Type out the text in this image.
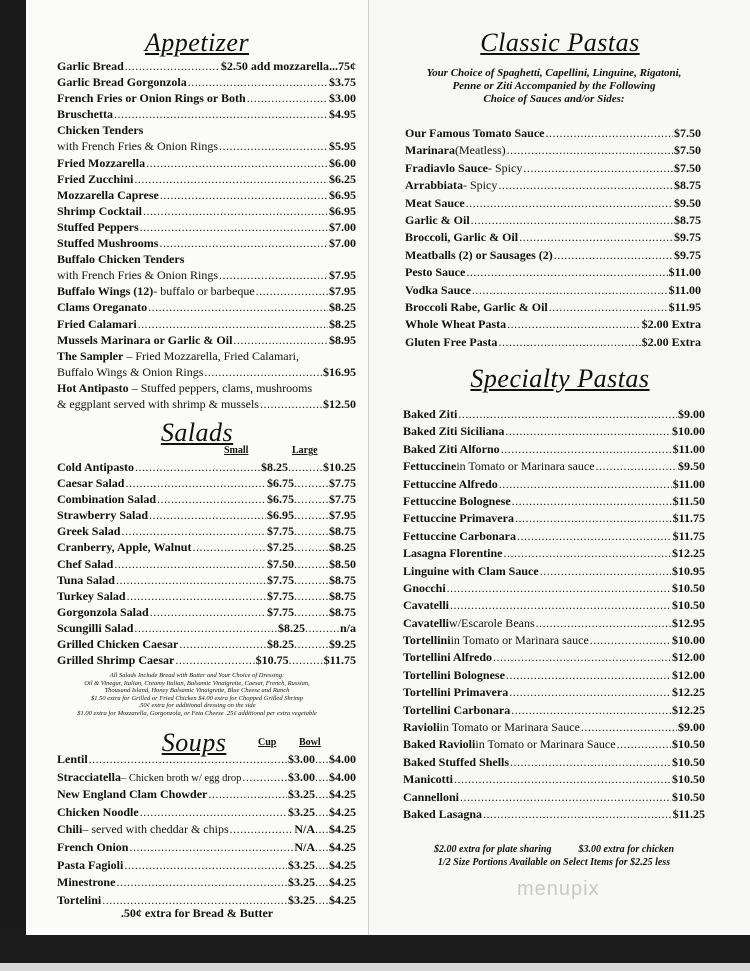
Appetizer
Garlic Bread .....	$2.50 add mozzarella...75¢
Garlic Bread Gorgonzola .....	$3.75
French Fries or Onion Rings or Both .....	$3.00
Bruschetta .....	$4.95
Chicken Tenders
with French Fries & Onion Rings .....	$5.95
Fried Mozzarella .....	$6.00
Fried Zucchini .....	$6.25
Mozzarella Caprese .....	$6.95
Shrimp Cocktail .....	$6.95
Stuffed Peppers .....	$7.00
Stuffed Mushrooms .....	$7.00
Buffalo Chicken Tenders
with French Fries & Onion Rings .....	$7.95
Buffalo Wings (12) - buffalo or barbeque .....	$7.95
Clams Oreganato .....	$8.25
Fried Calamari .....	$8.25
Mussels Marinara or Garlic & Oil .....	$8.95
The Sampler – Fried Mozzarella, Fried Calamari,
Buffalo Wings & Onion Rings .....	$16.95
Hot Antipasto – Stuffed peppers, clams, mushrooms
& eggplant served with shrimp & mussels .....	$12.50
Salads
Small	Large
Cold Antipasto .....	$8.25 .......... $10.25
Caesar Salad .....	$6.75 .......... $7.75
Combination Salad .....	$6.75 .......... $7.75
Strawberry Salad .....	$6.95 .......... $7.95
Greek Salad .....	$7.75 .......... $8.75
Cranberry, Apple, Walnut .....	$7.25 .......... $8.25
Chef Salad .....	$7.50 .......... $8.50
Tuna Salad .....	$7.75 .......... $8.75
Turkey Salad .....	$7.75 .......... $8.75
Gorgonzola Salad .....	$7.75 .......... $8.75
Scungilli Salad .....	$8.25 .......... n/a
Grilled Chicken Caesar .....	$8.25 .......... $9.25
Grilled Shrimp Caesar .....	$10.75 .......... $11.75
All Salads Include Bread with Butter and Your Choice of Dressing:
Oil & Vinegar, Italian, Creamy Italian, Balsamic Vinaigrette, Caesar, French, Russian,
Thousand Island, Honey Balsamic Vinaigrette, Blue Cheese and Ranch
$1.50 extra for Grilled or Fried Chicken $4.00 extra for Chopped Grilled Shrimp
.50¢ extra for additional dressing on the side
$1.00 extra for Mozzarella, Gorgonzola, or Feta Cheese .25¢ additional per extra vegetable
Soups	Cup Bowl
Lentil .....	$3.00 .... $4.00
Stracciatella – Chicken broth w/ egg drop .....	$3.00 .... $4.00
New England Clam Chowder .....	$3.25 .... $4.25
Chicken Noodle .....	$3.25 .... $4.25
Chili – served with cheddar & chips .....	N/A .... $4.25
French Onion .....	N/A .... $4.25
Pasta Fagioli .....	$3.25 .... $4.25
Minestrone .....	$3.25 .... $4.25
Tortelini .....	$3.25 .... $4.25
.50¢ extra for Bread & Butter
Classic Pastas
Your Choice of Spaghetti, Capellini, Linguine, Rigatoni,
Penne or Ziti Accompanied by the Following
Choice of Sauces and/or Sides:
Our Famous Tomato Sauce .....	$7.50
Marinara (Meatless) .....	$7.50
Fradiavlo Sauce - Spicy .....	$7.50
Arrabbiata - Spicy .....	$8.75
Meat Sauce .....	$9.50
Garlic & Oil .....	$8.75
Broccoli, Garlic & Oil .....	$9.75
Meatballs (2) or Sausages (2) .....	$9.75
Pesto Sauce .....	$11.00
Vodka Sauce .....	$11.00
Broccoli Rabe, Garlic & Oil .....	$11.95
Whole Wheat Pasta .....	$2.00 Extra
Gluten Free Pasta .....	$2.00 Extra
Specialty Pastas
Baked Ziti .....	$9.00
Baked Ziti Siciliana .....	$10.00
Baked Ziti Alforno .....	$11.00
Fettuccine in Tomato or Marinara sauce .....	$9.50
Fettuccine Alfredo .....	$11.00
Fettuccine Bolognese .....	$11.50
Fettuccine Primavera .....	$11.75
Fettuccine Carbonara .....	$11.75
Lasagna Florentine .....	$12.25
Linguine with Clam Sauce .....	$10.95
Gnocchi .....	$10.50
Cavatelli .....	$10.50
Cavatelli w/Escarole Beans .....	$12.95
Tortellini in Tomato or Marinara sauce .....	$10.00
Tortellini Alfredo .....	$12.00
Tortellini Bolognese .....	$12.00
Tortellini Primavera .....	$12.25
Tortellini Carbonara .....	$12.25
Ravioli in Tomato or Marinara Sauce .....	$9.00
Baked Ravioli in Tomato or Marinara Sauce .....	$10.50
Baked Stuffed Shells .....	$10.50
Manicotti .....	$10.50
Cannelloni .....	$10.50
Baked Lasagna .....	$11.25
$2.00 extra for plate sharing	$3.00 extra for chicken
1/2 Size Portions Available on Select Items for $2.25 less
menupix
